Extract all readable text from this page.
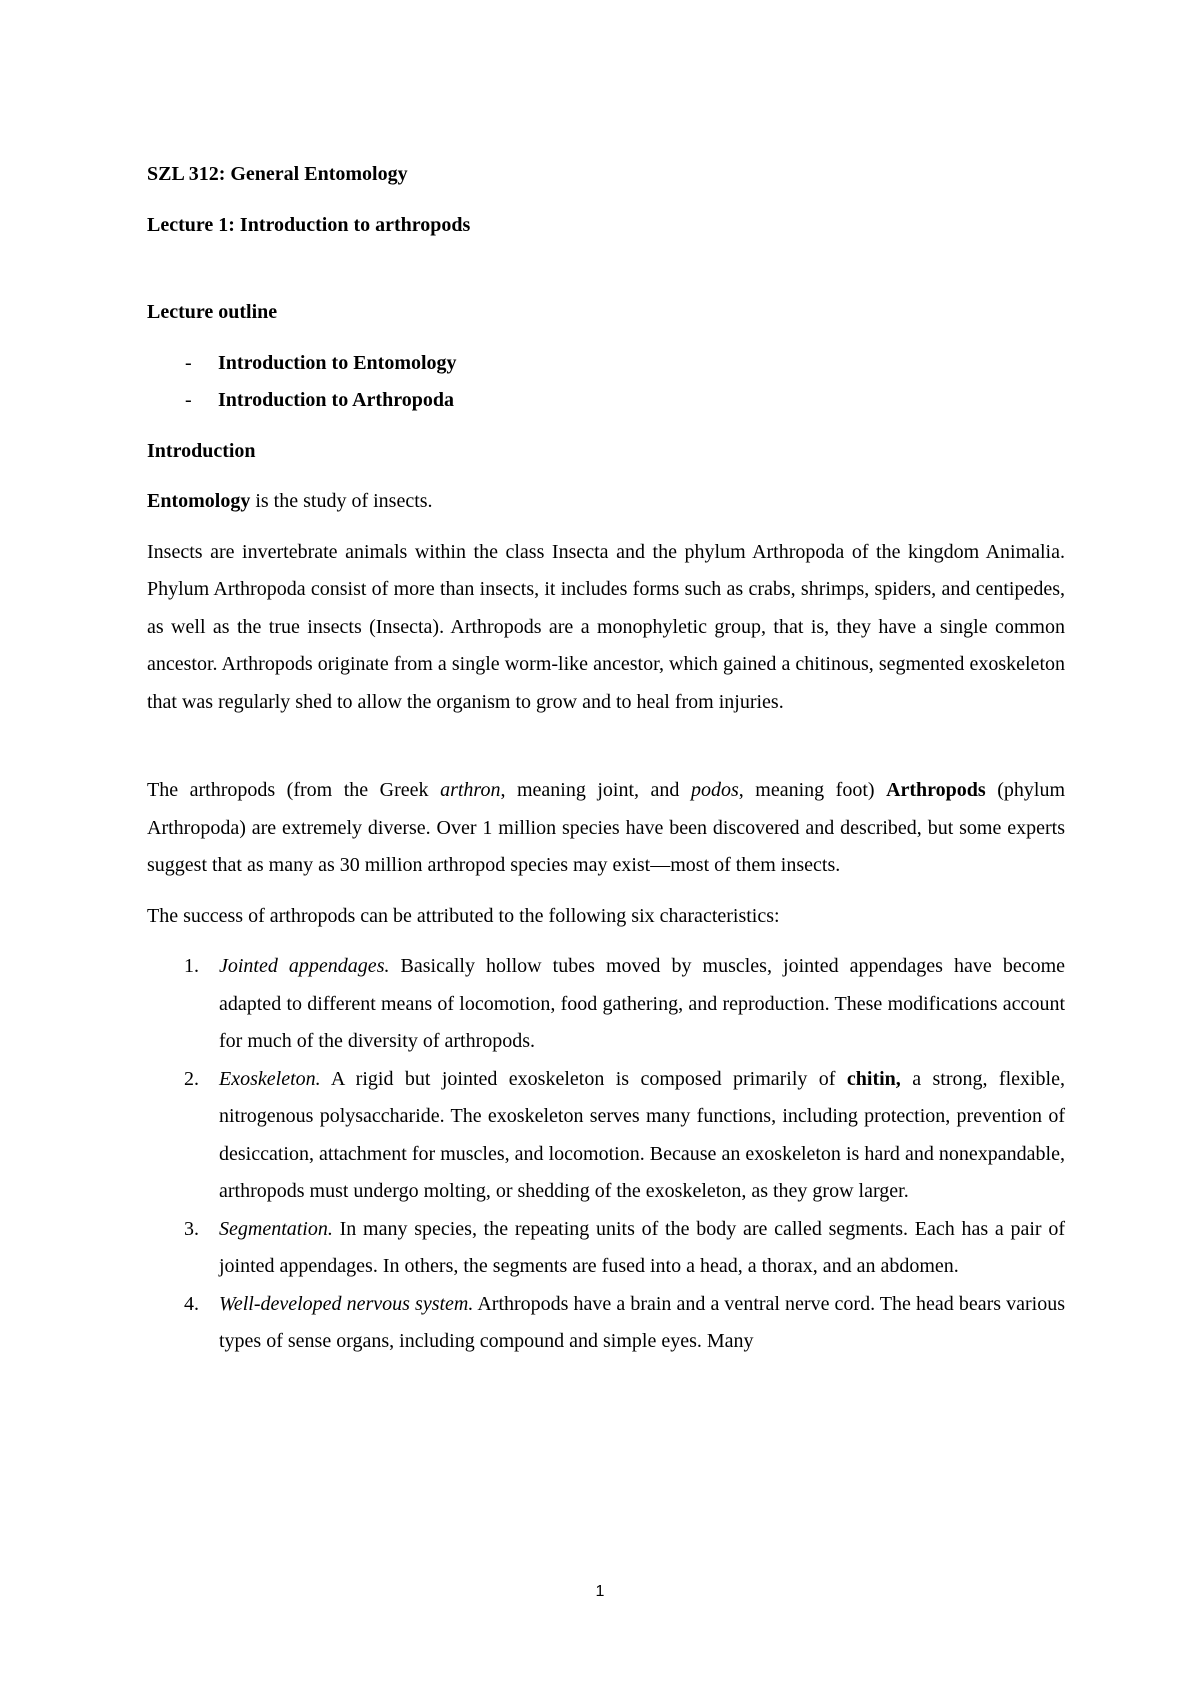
SZL 312: General Entomology

Lecture 1: Introduction to arthropods

Lecture outline

- Introduction to Entomology
- Introduction to Arthropoda

Introduction

Entomology is the study of insects.

Insects are invertebrate animals within the class Insecta and the phylum Arthropoda of the kingdom Animalia. Phylum Arthropoda consist of more than insects, it includes forms such as crabs, shrimps, spiders, and centipedes, as well as the true insects (Insecta). Arthropods are a monophyletic group, that is, they have a single common ancestor. Arthropods originate from a single worm-like ancestor, which gained a chitinous, segmented exoskeleton that was regularly shed to allow the organism to grow and to heal from injuries.

The arthropods (from the Greek arthron, meaning joint, and podos, meaning foot) Arthropods (phylum Arthropoda) are extremely diverse. Over 1 million species have been discovered and described, but some experts suggest that as many as 30 million arthropod species may exist—most of them insects.

The success of arthropods can be attributed to the following six characteristics:

1. Jointed appendages. Basically hollow tubes moved by muscles, jointed appendages have become adapted to different means of locomotion, food gathering, and reproduction. These modifications account for much of the diversity of arthropods.
2. Exoskeleton. A rigid but jointed exoskeleton is composed primarily of chitin, a strong, flexible, nitrogenous polysaccharide. The exoskeleton serves many functions, including protection, prevention of desiccation, attachment for muscles, and locomotion. Because an exoskeleton is hard and nonexpandable, arthropods must undergo molting, or shedding of the exoskeleton, as they grow larger.
3. Segmentation. In many species, the repeating units of the body are called segments. Each has a pair of jointed appendages. In others, the segments are fused into a head, a thorax, and an abdomen.
4. Well-developed nervous system. Arthropods have a brain and a ventral nerve cord. The head bears various types of sense organs, including compound and simple eyes. Many
1
